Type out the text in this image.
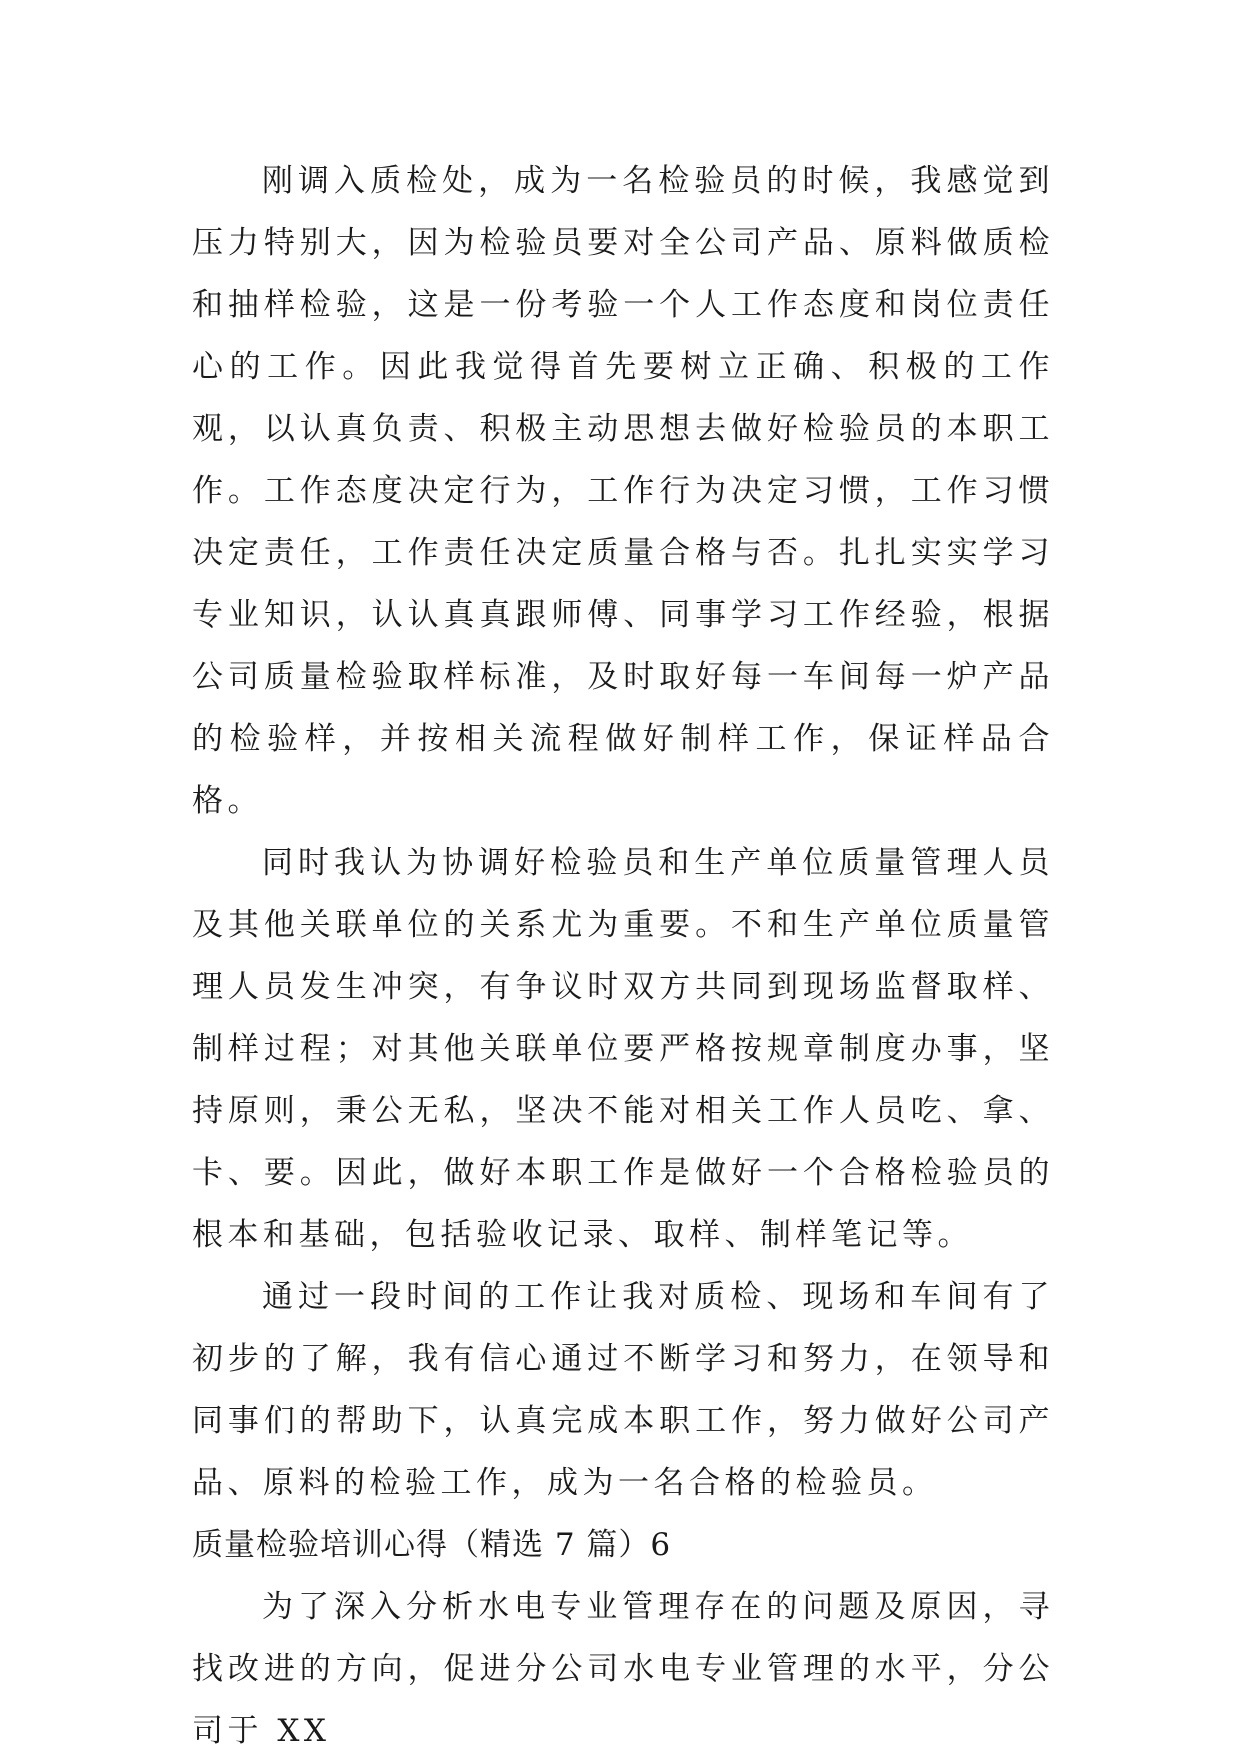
刚调入质检处，成为一名检验员的时候，我感觉到压力特别大，因为检验员要对全公司产品、原料做质检和抽样检验，这是一份考验一个人工作态度和岗位责任心的工作。因此我觉得首先要树立正确、积极的工作观，以认真负责、积极主动思想去做好检验员的本职工作。工作态度决定行为，工作行为决定习惯，工作习惯决定责任，工作责任决定质量合格与否。扎扎实实学习专业知识，认认真真跟师傅、同事学习工作经验，根据公司质量检验取样标准，及时取好每一车间每一炉产品的检验样，并按相关流程做好制样工作，保证样品合格。

同时我认为协调好检验员和生产单位质量管理人员及其他关联单位的关系尤为重要。不和生产单位质量管理人员发生冲突，有争议时双方共同到现场监督取样、制样过程；对其他关联单位要严格按规章制度办事，坚持原则，秉公无私，坚决不能对相关工作人员吃、拿、卡、要。因此，做好本职工作是做好一个合格检验员的根本和基础，包括验收记录、取样、制样笔记等。

通过一段时间的工作让我对质检、现场和车间有了初步的了解，我有信心通过不断学习和努力，在领导和同事们的帮助下，认真完成本职工作，努力做好公司产品、原料的检验工作，成为一名合格的检验员。

质量检验培训心得（精选 7 篇）6

为了深入分析水电专业管理存在的问题及原因，寻找改进的方向，促进分公司水电专业管理的水平，分公司于 XX
